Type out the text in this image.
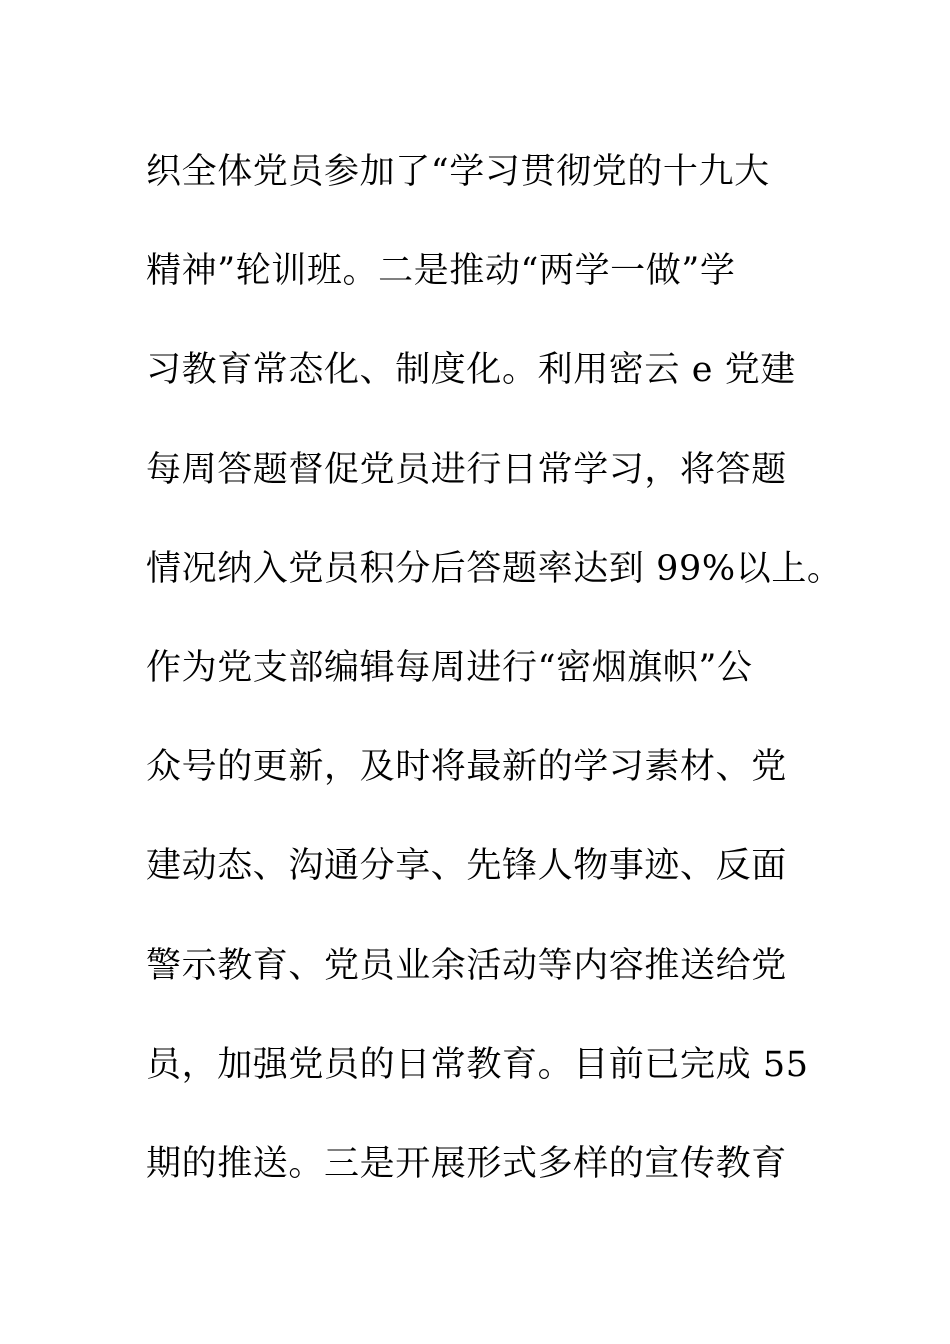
织全体党员参加了“学习贯彻党的十九大
精神”轮训班。二是推动“两学一做”学
习教育常态化、制度化。利用密云 e 党建
每周答题督促党员进行日常学习，将答题
情况纳入党员积分后答题率达到 99%以上。
作为党支部编辑每周进行“密烟旗帜”公
众号的更新，及时将最新的学习素材、党
建动态、沟通分享、先锋人物事迹、反面
警示教育、党员业余活动等内容推送给党
员，加强党员的日常教育。目前已完成 55
期的推送。三是开展形式多样的宣传教育
